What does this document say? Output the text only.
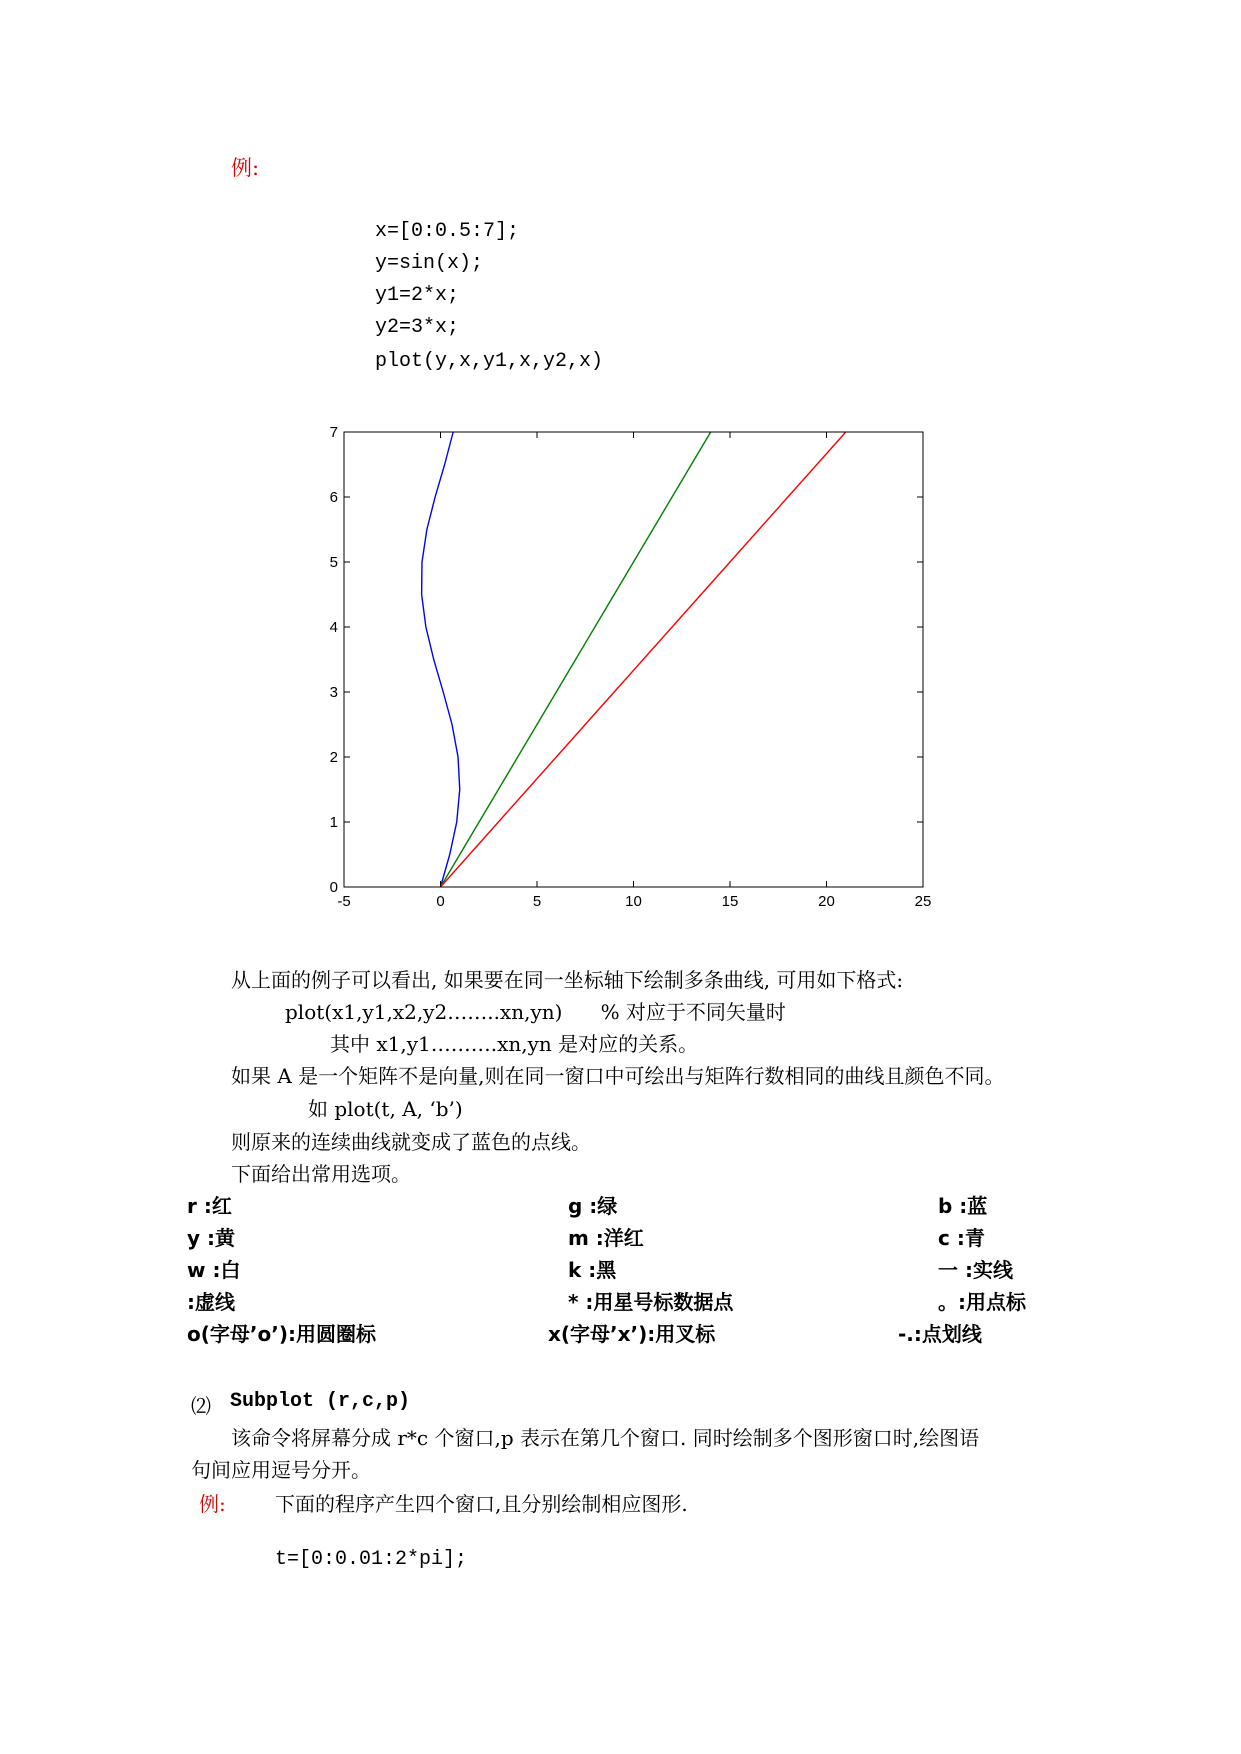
例:
x=[0:0.5:7];
y=sin(x);
y1=2*x;
y2=3*x;
plot(y,x,y1,x,y2,x)
-5	0	5	10	15	20	25
0
1
2
3
4
5
6
7
从上面的例子可以看出, 如果要在同一坐标轴下绘制多条曲线, 可用如下格式:
plot(x1,y1,x2,y2……..xn,yn)      % 对应于不同矢量时
其中 x1,y1……….xn,yn 是对应的关系。
如果 A 是一个矩阵不是向量,则在同一窗口中可绘出与矩阵行数相同的曲线且颜色不同。
如 plot(t, A, ‘b’)
则原来的连续曲线就变成了蓝色的点线。
下面给出常用选项。
r :红	g :绿	b :蓝
y :黄	m :洋红	c :青
w :白	k :黑	一 :实线
:虚线	* :用星号标数据点	。:用点标
o(字母’o’):用圆圈标	x(字母’x’):用叉标	-.:点划线
⑵ Subplot (r,c,p)
该命令将屏幕分成 r*c 个窗口,p 表示在第几个窗口. 同时绘制多个图形窗口时,绘图语
句间应用逗号分开。
例: 下面的程序产生四个窗口,且分别绘制相应图形.
t=[0:0.01:2*pi];
